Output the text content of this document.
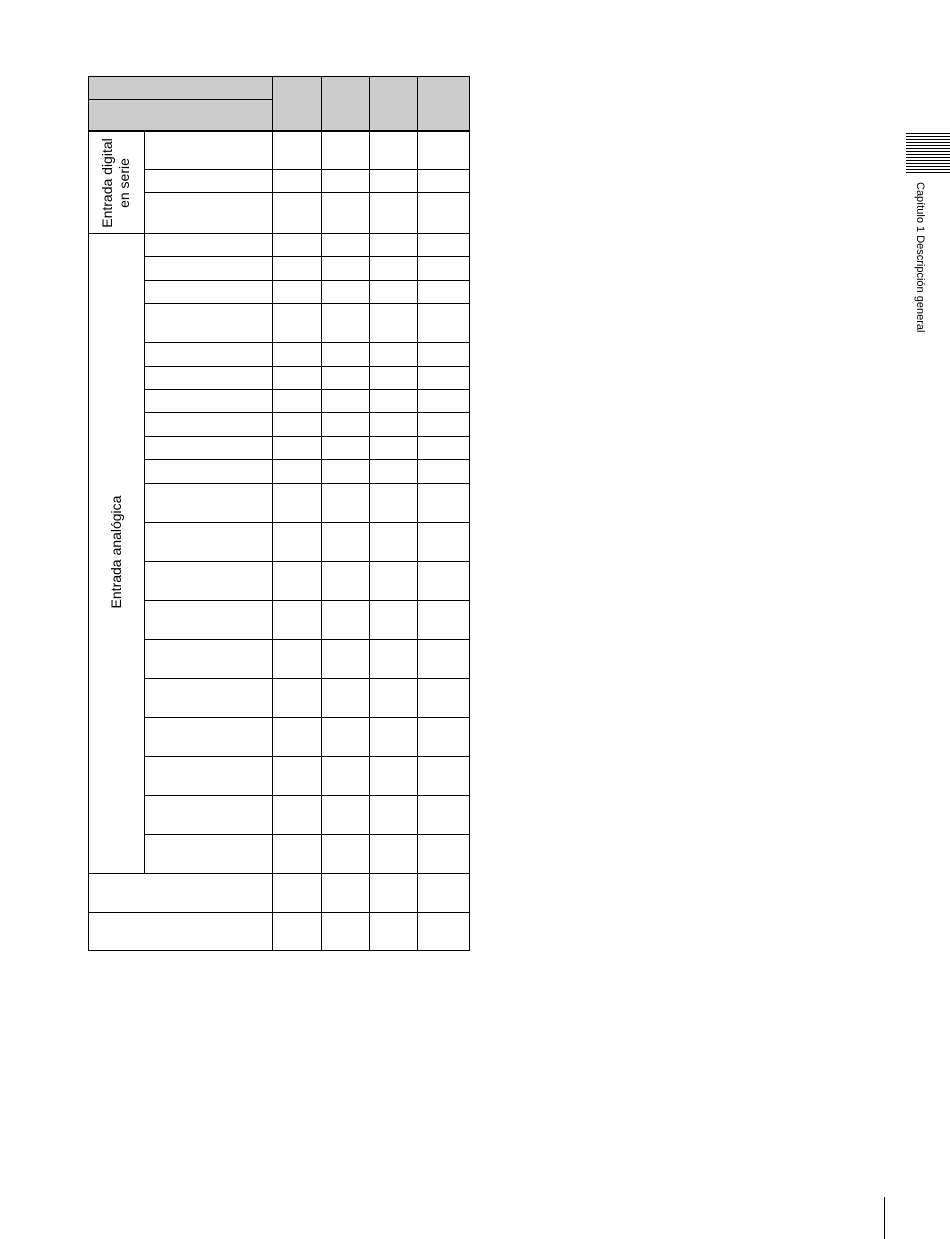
Capítulo 1 Descripción general
Entrada digital
en serie
Entrada analógica
